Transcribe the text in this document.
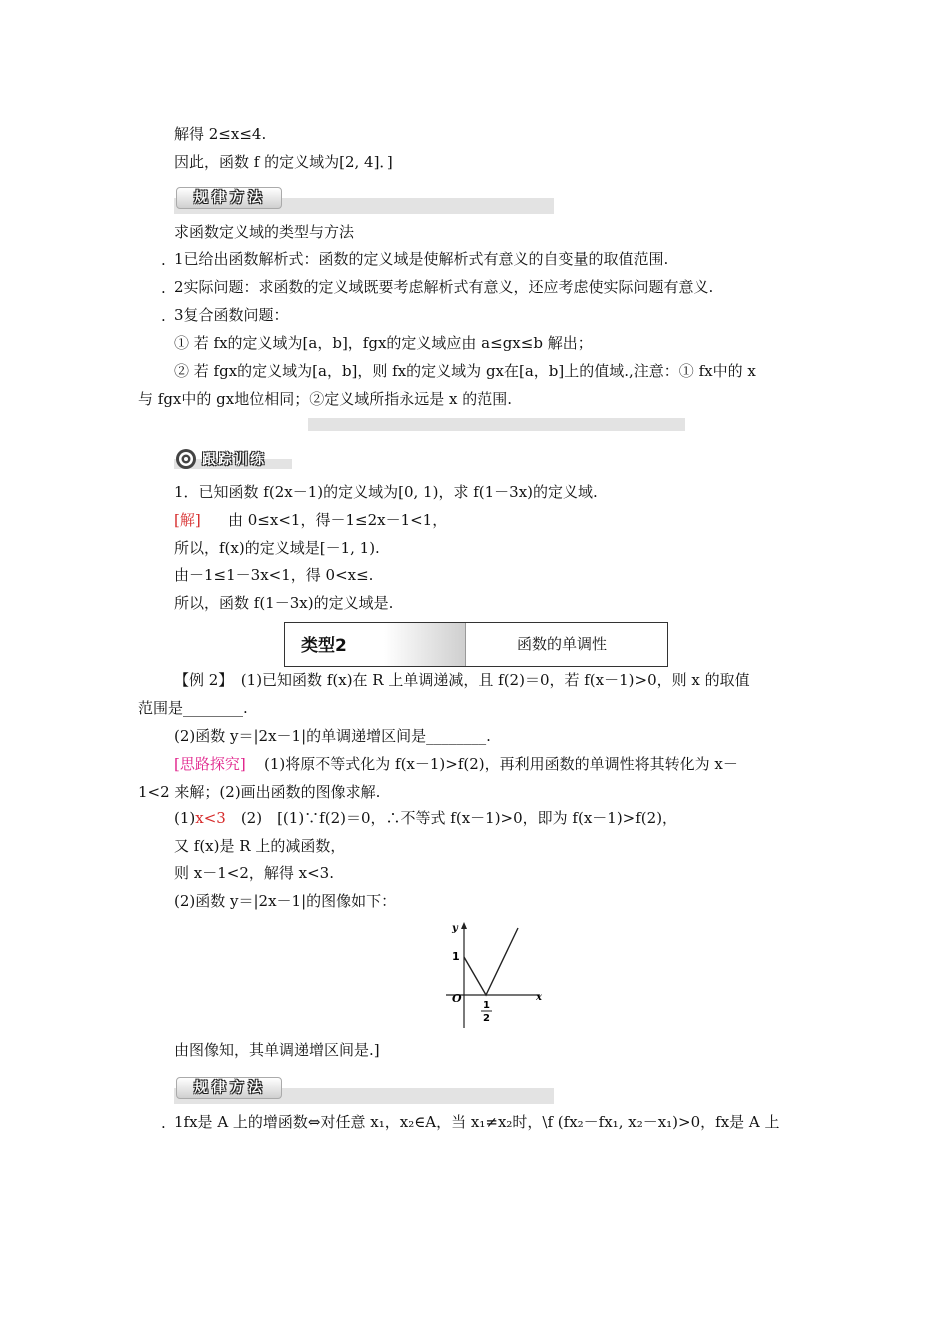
解得 2≤x≤4.
因此，函数 f 的定义域为[2, 4]．]
规律方法
求函数定义域的类型与方法
. 1已给出函数解析式：函数的定义域是使解析式有意义的自变量的取值范围.
. 2实际问题：求函数的定义域既要考虑解析式有意义，还应考虑使实际问题有意义.
. 3复合函数问题：
① 若 fx的定义域为[a，b]，fgx的定义域应由 a≤gx≤b 解出；
② 若 fgx的定义域为[a，b]，则 fx的定义域为 gx在[a，b]上的值域.,注意：① fx中的 x
与 fgx中的 gx地位相同；②定义域所指永远是 x 的范围.
跟踪训练
1．已知函数 f(2x－1)的定义域为[0, 1)，求 f(1－3x)的定义域.
[解] 由 0≤x<1，得－1≤2x－1<1，
所以，f(x)的定义域是[－1, 1).
由－1≤1－3x<1，得 0<x≤.
所以，函数 f(1－3x)的定义域是.
类型2	函数的单调性
【例 2】　(1)已知函数 f(x)在 R 上单调递减，且 f(2)＝0，若 f(x－1)>0，则 x 的取值
范围是________.
(2)函数 y＝|2x－1|的单调递增区间是________.
[思路探究] (1)将原不等式化为 f(x－1)>f(2)，再利用函数的单调性将其转化为 x－
1<2 来解；(2)画出函数的图像求解.
(1)x<3　(2)　[(1)∵f(2)＝0，∴不等式 f(x－1)>0，即为 f(x－1)>f(2)，
又 f(x)是 R 上的减函数，
则 x－1<2，解得 x<3.
(2)函数 y＝|2x－1|的图像如下：
y
x
1
O
1
2
由图像知，其单调递增区间是.]
规律方法
. 1fx是 A 上的增函数⇔对任意 x₁，x₂∈A，当 x₁≠x₂时，\f (fx₂－fx₁, x₂－x₁)>0，fx是 A 上
